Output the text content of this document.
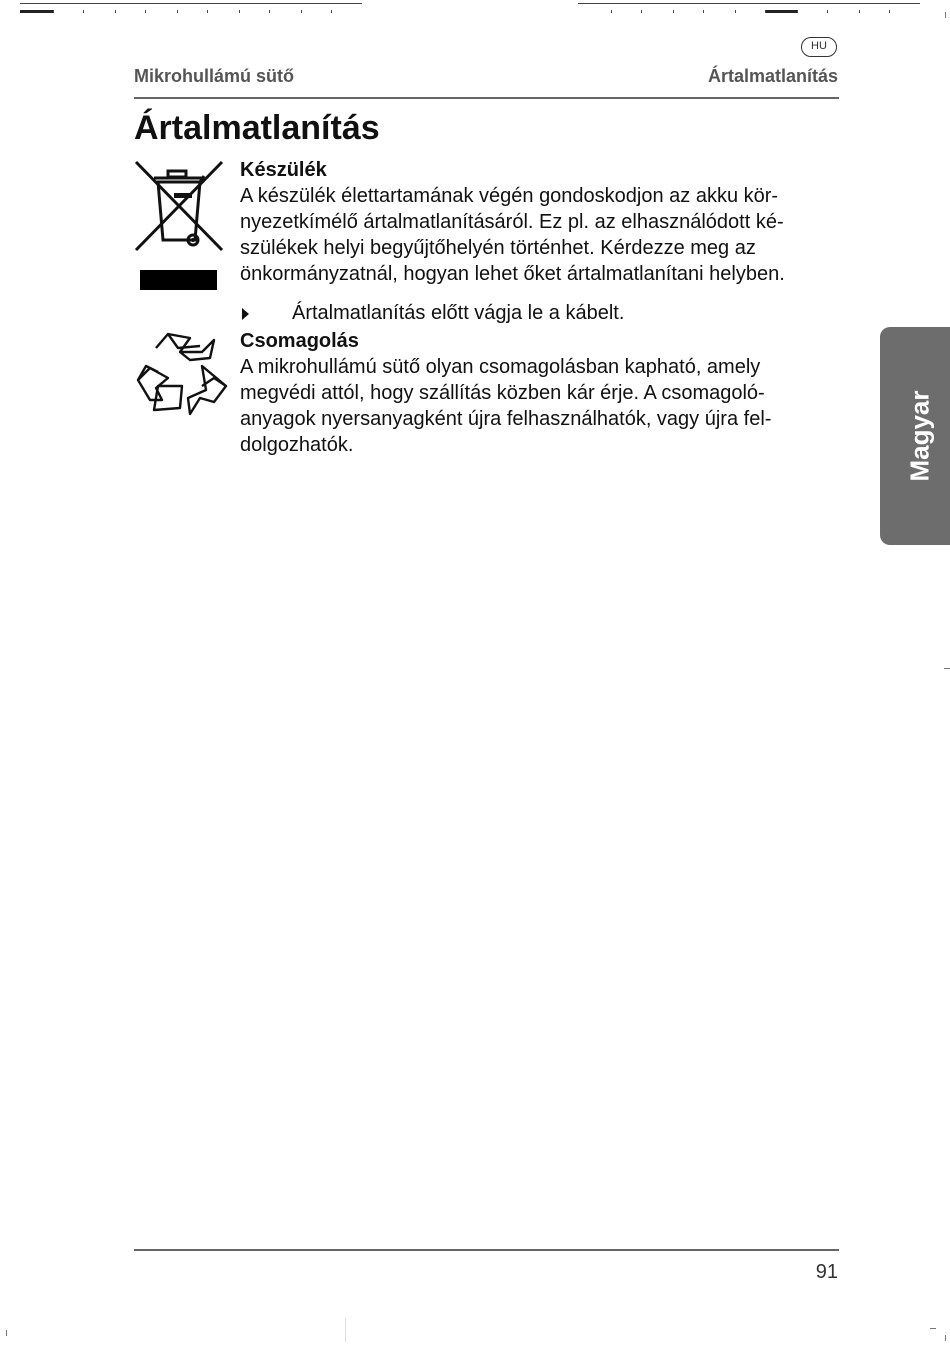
HU
Mikrohullámú sütő	Ártalmatlanítás
Ártalmatlanítás
Készülék

A készülék élettartamának végén gondoskodjon az akku kör-

nyezetkímélő ártalmatlanításáról. Ez pl. az elhasználódott ké-

szülékek helyi begyűjtőhelyén történhet. Kérdezze meg az

önkormányzatnál, hogyan lehet őket ártalmatlanítani helyben.

Ártalmatlanítás előtt vágja le a kábelt.
Csomagolás

A mikrohullámú sütő olyan csomagolásban kapható, amely

megvédi attól, hogy szállítás közben kár érje. A csomagoló-

anyagok nyersanyagként újra felhasználhatók, vagy újra fel-

dolgozhatók.	Magyar
91
